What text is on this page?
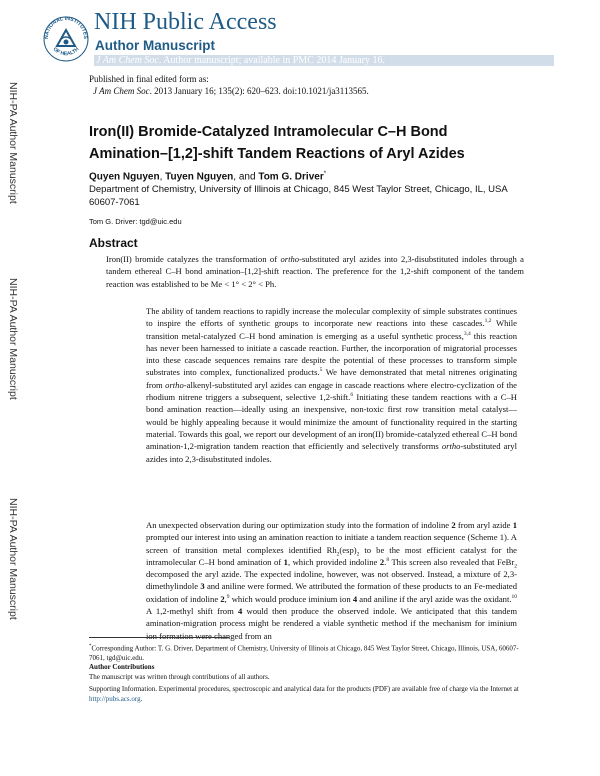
NATIONAL INSTITUTES
OF HEALTH
NIH Public Access
Author Manuscript
J Am Chem Soc. Author manuscript; available in PMC 2014 January 16.
NIH-PA Author Manuscript
NIH-PA Author Manuscript
NIH-PA Author Manuscript
Published in final edited form as:
J Am Chem Soc. 2013 January 16; 135(2): 620–623. doi:10.1021/ja3113565.
Iron(II) Bromide-Catalyzed Intramolecular C–H Bond Amination–[1,2]-shift Tandem Reactions of Aryl Azides
Quyen Nguyen, Tuyen Nguyen, and Tom G. Driver*
Department of Chemistry, University of Illinois at Chicago, 845 West Taylor Street, Chicago, IL, USA 60607-7061
Tom G. Driver: tgd@uic.edu
Abstract
Iron(II) bromide catalyzes the transformation of ortho-substituted aryl azides into 2,3-disubstituted indoles through a tandem ethereal C–H bond amination–[1,2]-shift reaction. The preference for the 1,2-shift component of the tandem reaction was established to be Me < 1° < 2° < Ph.
The ability of tandem reactions to rapidly increase the molecular complexity of simple substrates continues to inspire the efforts of synthetic groups to incorporate new reactions into these cascades.$^{1,2}$ While transition metal-catalyzed C–H bond amination is emerging as a useful synthetic process,$^{3,4}$ this reaction has never been harnessed to initiate a cascade reaction. Further, the incorporation of migratorial processes into these cascade sequences remains rare despite the potential of these processes to transform simple substrates into complex, functionalized products.$^5$ We have demonstrated that metal nitrenes originating from ortho-alkenyl-substituted aryl azides can engage in cascade reactions where electro-cyclization of the rhodium nitrene triggers a subsequent, selective 1,2-shift.$^6$ Initiating these tandem reactions with a C–H bond amination reaction—ideally using an inexpensive, non-toxic first row transition metal catalyst—would be highly appealing because it would minimize the amount of functionality required in the starting material. Towards this goal, we report our development of an iron(II) bromide-catalyzed ethereal C–H bond amination-1,2-migration tandem reaction that efficiently and selectively transforms ortho-substituted aryl azides into 2,3-disubstituted indoles.
An unexpected observation during our optimization study into the formation of indoline 2 from aryl azide 1 prompted our interest into using an amination reaction to initiate a tandem reaction sequence (Scheme 1). A screen of transition metal complexes identified $Rh_2(esp)_2$ to be the most efficient catalyst for the intramolecular C–H bond amination of 1, which provided indoline 2.$^8$ This screen also revealed that FeBr$_2$ decomposed the aryl azide. The expected indoline, however, was not observed. Instead, a mixture of 2,3- dimethylindole 3 and aniline were formed. We attributed the formation of these products to an Fe-mediated oxidation of indoline 2,$^9$ which would produce iminium ion 4 and aniline if the aryl azide was the oxidant.$^{10}$ A 1,2-methyl shift from 4 would then produce the observed indole. We anticipated that this tandem amination-migration process might be rendered a viable synthetic method if the mechanism for iminium ion formation were changed from an
*Corresponding Author: T. G. Driver, Department of Chemistry, University of Illinois at Chicago, 845 West Taylor Street, Chicago, Illinois, USA, 60607- 7061, tgd@uic.edu.
Author Contributions
The manuscript was written through contributions of all authors.
Supporting Information. Experimental procedures, spectroscopic and analytical data for the products (PDF) are available free of charge via the Internet at http://pubs.acs.org.
